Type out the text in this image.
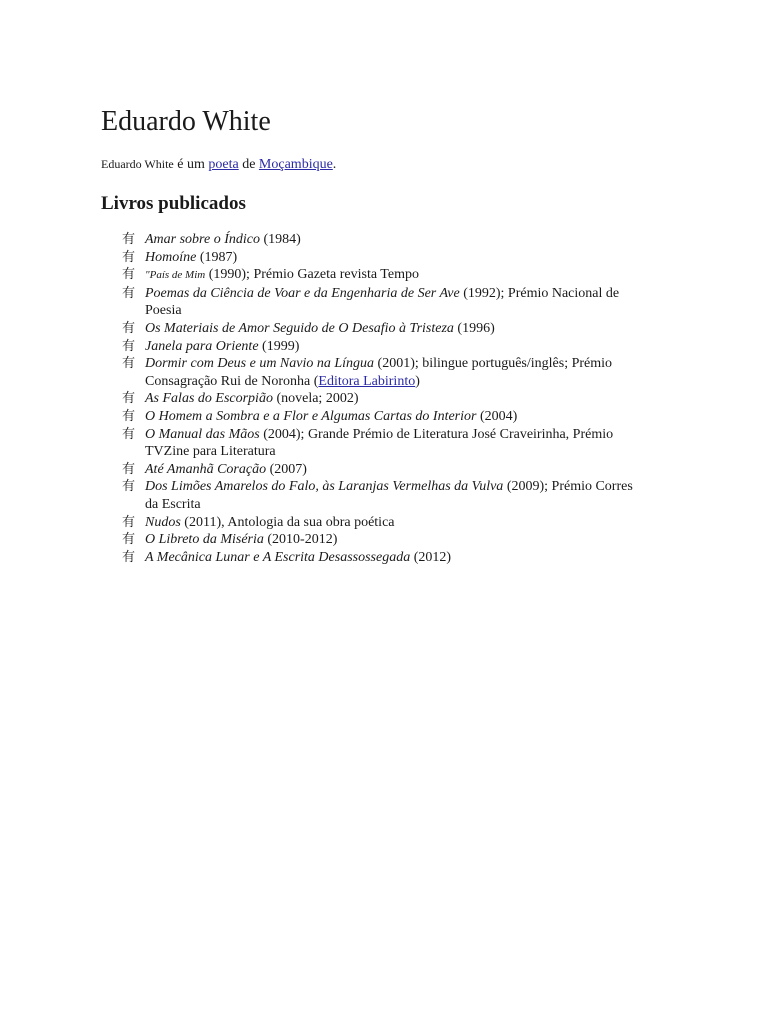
Eduardo White

Eduardo White é um poeta de Moçambique.

Livros publicados
有 Amar sobre o Índico (1984)
有 Homoíne (1987)
有 "País de Mim (1990); Prémio Gazeta revista Tempo
有 Poemas da Ciência de Voar e da Engenharia de Ser Ave (1992); Prémio Nacional de Poesia
有 Os Materiais de Amor Seguido de O Desafio à Tristeza (1996)
有 Janela para Oriente (1999)
有 Dormir com Deus e um Navio na Língua (2001); bilingue português/inglês; Prémio Consagração Rui de Noronha (Editora Labirinto)
有 As Falas do Escorpião (novela; 2002)
有 O Homem a Sombra e a Flor e Algumas Cartas do Interior (2004)
有 O Manual das Mãos (2004); Grande Prémio de Literatura José Craveirinha, Prémio TVZine para Literatura
有 Até Amanhã Coração (2007)
有 Dos Limões Amarelos do Falo, às Laranjas Vermelhas da Vulva (2009); Prémio Corres da Escrita
有 Nudos (2011), Antologia da sua obra poética
有 O Libreto da Miséria (2010-2012)
有 A Mecânica Lunar e A Escrita Desassossegada (2012)
